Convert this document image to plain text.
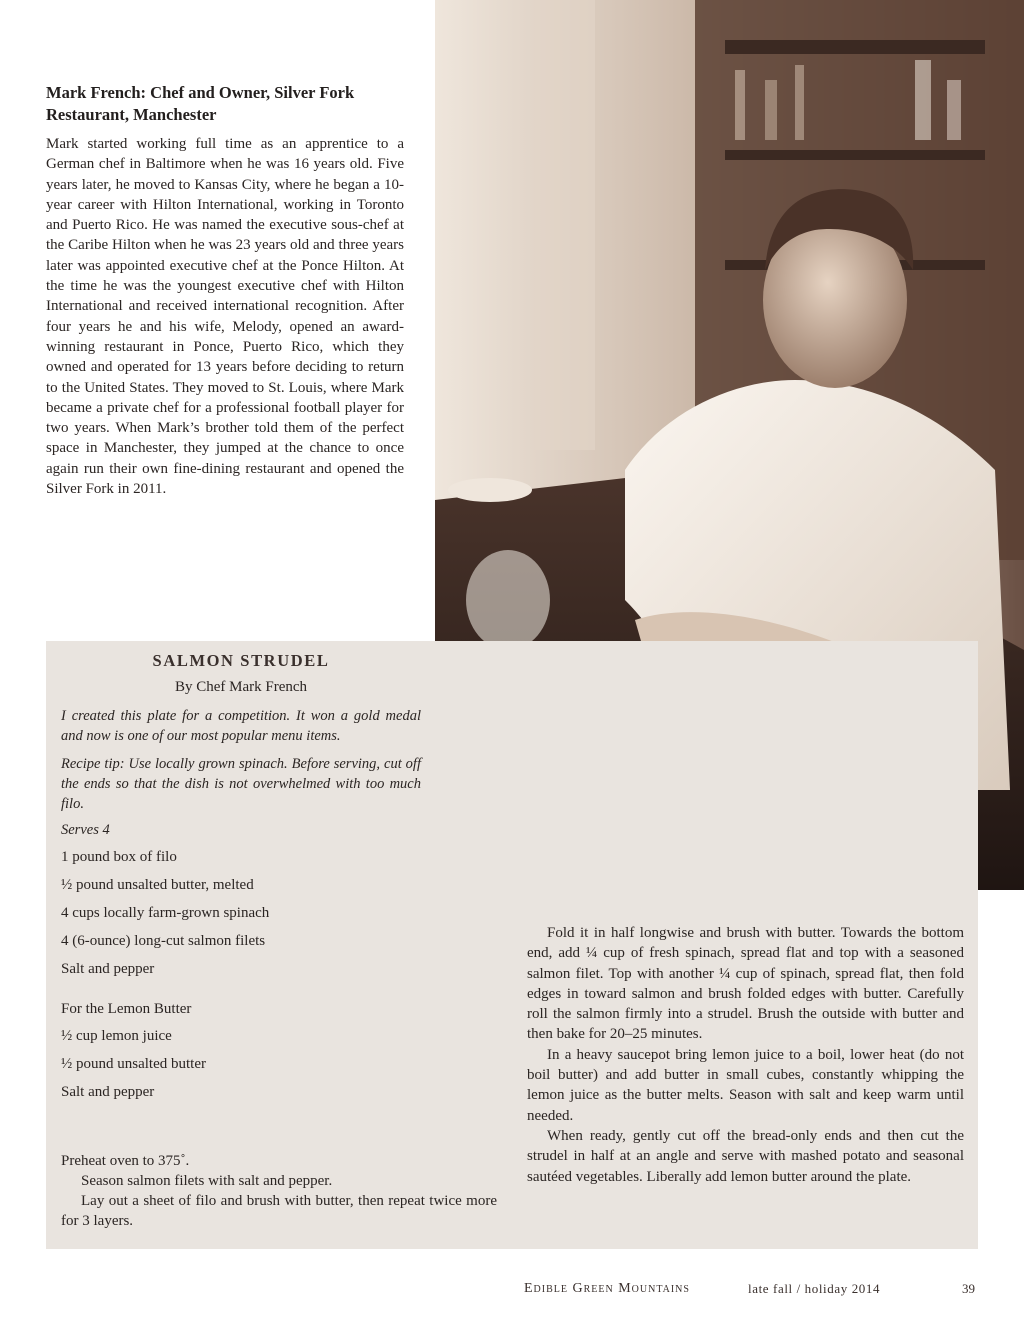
Mark French: Chef and Owner, Silver Fork Restaurant, Manchester

Mark started working full time as an apprentice to a German chef in Baltimore when he was 16 years old. Five years later, he moved to Kansas City, where he began a 10-year career with Hilton International, working in Toronto and Puerto Rico. He was named the executive sous-chef at the Caribe Hilton when he was 23 years old and three years later was appointed executive chef at the Ponce Hilton. At the time he was the youngest executive chef with Hilton International and received international recognition. After four years he and his wife, Melody, opened an award-winning restaurant in Ponce, Puerto Rico, which they owned and operated for 13 years before deciding to return to the United States. They moved to St. Louis, where Mark became a private chef for a professional football player for two years. When Mark’s brother told them of the perfect space in Manchester, they jumped at the chance to once again run their own fine-dining restaurant and opened the Silver Fork in 2011.

SALMON STRUDEL
By Chef Mark French

I created this plate for a competition. It won a gold medal and now is one of our most popular menu items.

Recipe tip: Use locally grown spinach. Before serving, cut off the ends so that the dish is not overwhelmed with too much filo.

Serves 4
1 pound box of filo
½ pound unsalted butter, melted
4 cups locally farm-grown spinach
4 (6-ounce) long-cut salmon filets
Salt and pepper
For the Lemon Butter
½ cup lemon juice
½ pound unsalted butter
Salt and pepper

Preheat oven to 375˚.

Season salmon filets with salt and pepper.

Lay out a sheet of filo and brush with butter, then repeat twice more for 3 layers.

Fold it in half longwise and brush with butter. Towards the bottom end, add ¼ cup of fresh spinach, spread flat and top with a seasoned salmon filet. Top with another ¼ cup of spinach, spread flat, then fold edges in toward salmon and brush folded edges with butter. Carefully roll the salmon firmly into a strudel. Brush the outside with butter and then bake for 20–25 minutes.

In a heavy saucepot bring lemon juice to a boil, lower heat (do not boil butter) and add butter in small cubes, constantly whipping the lemon juice as the butter melts. Season with salt and keep warm until needed.

When ready, gently cut off the bread-only ends and then cut the strudel in half at an angle and serve with mashed potato and seasonal sautéed vegetables. Liberally add lemon butter around the plate.

Edible Green Mountains	late fall / holiday 2014	39
